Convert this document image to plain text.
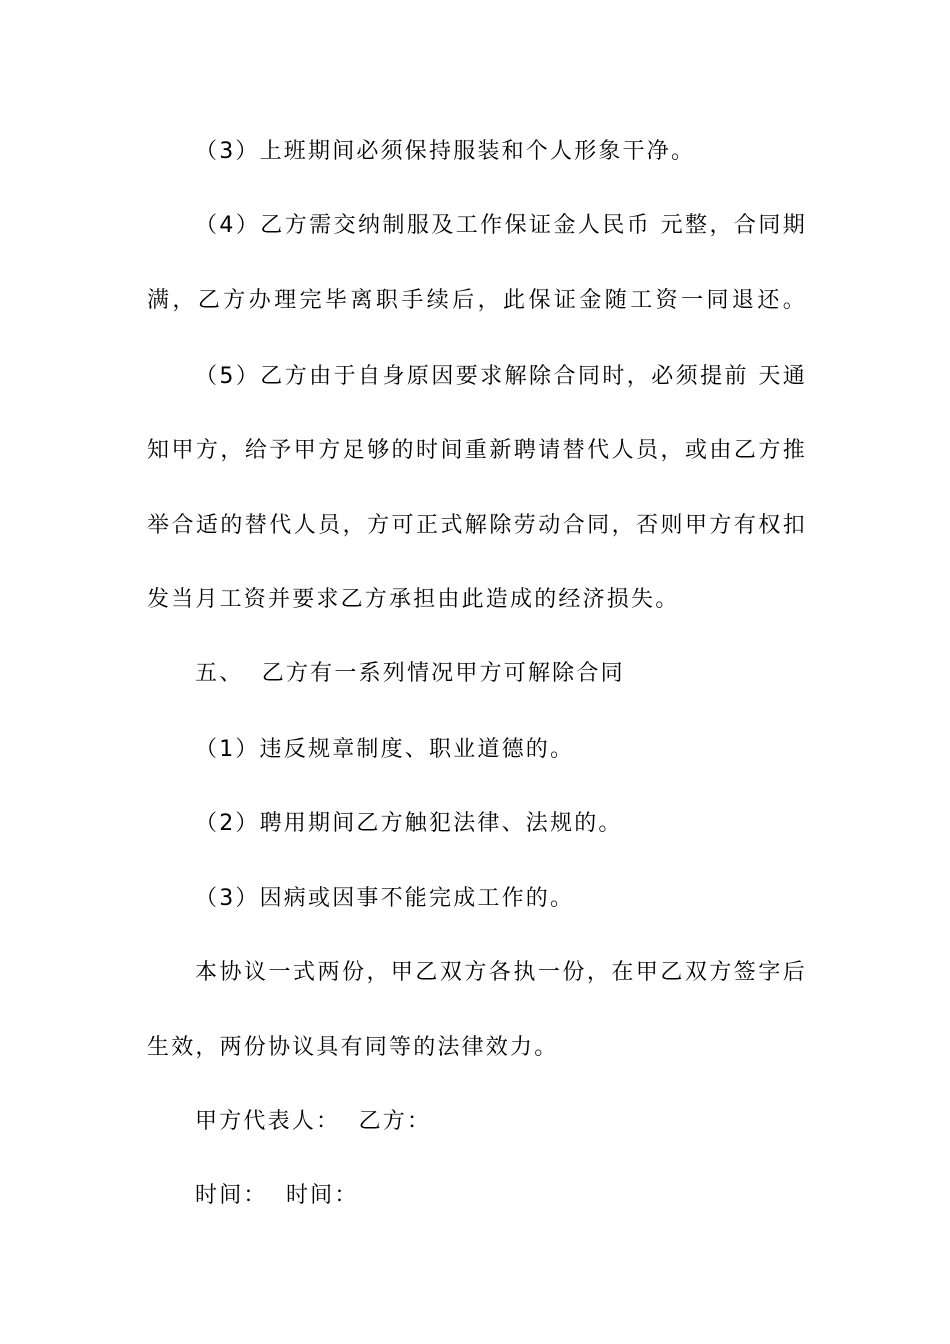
（3）上班期间必须保持服装和个人形象干净。

（4）乙方需交纳制服及工作保证金人民币 元整，合同期

满，乙方办理完毕离职手续后，此保证金随工资一同退还。

（5）乙方由于自身原因要求解除合同时，必须提前 天通

知甲方，给予甲方足够的时间重新聘请替代人员，或由乙方推

举合适的替代人员，方可正式解除劳动合同，否则甲方有权扣

发当月工资并要求乙方承担由此造成的经济损失。

五、  乙方有一系列情况甲方可解除合同

（1）违反规章制度、职业道德的。

（2）聘用期间乙方触犯法律、法规的。

（3）因病或因事不能完成工作的。

本协议一式两份，甲乙双方各执一份，在甲乙双方签字后

生效，两份协议具有同等的法律效力。

甲方代表人：  乙方：

时间：  时间：
